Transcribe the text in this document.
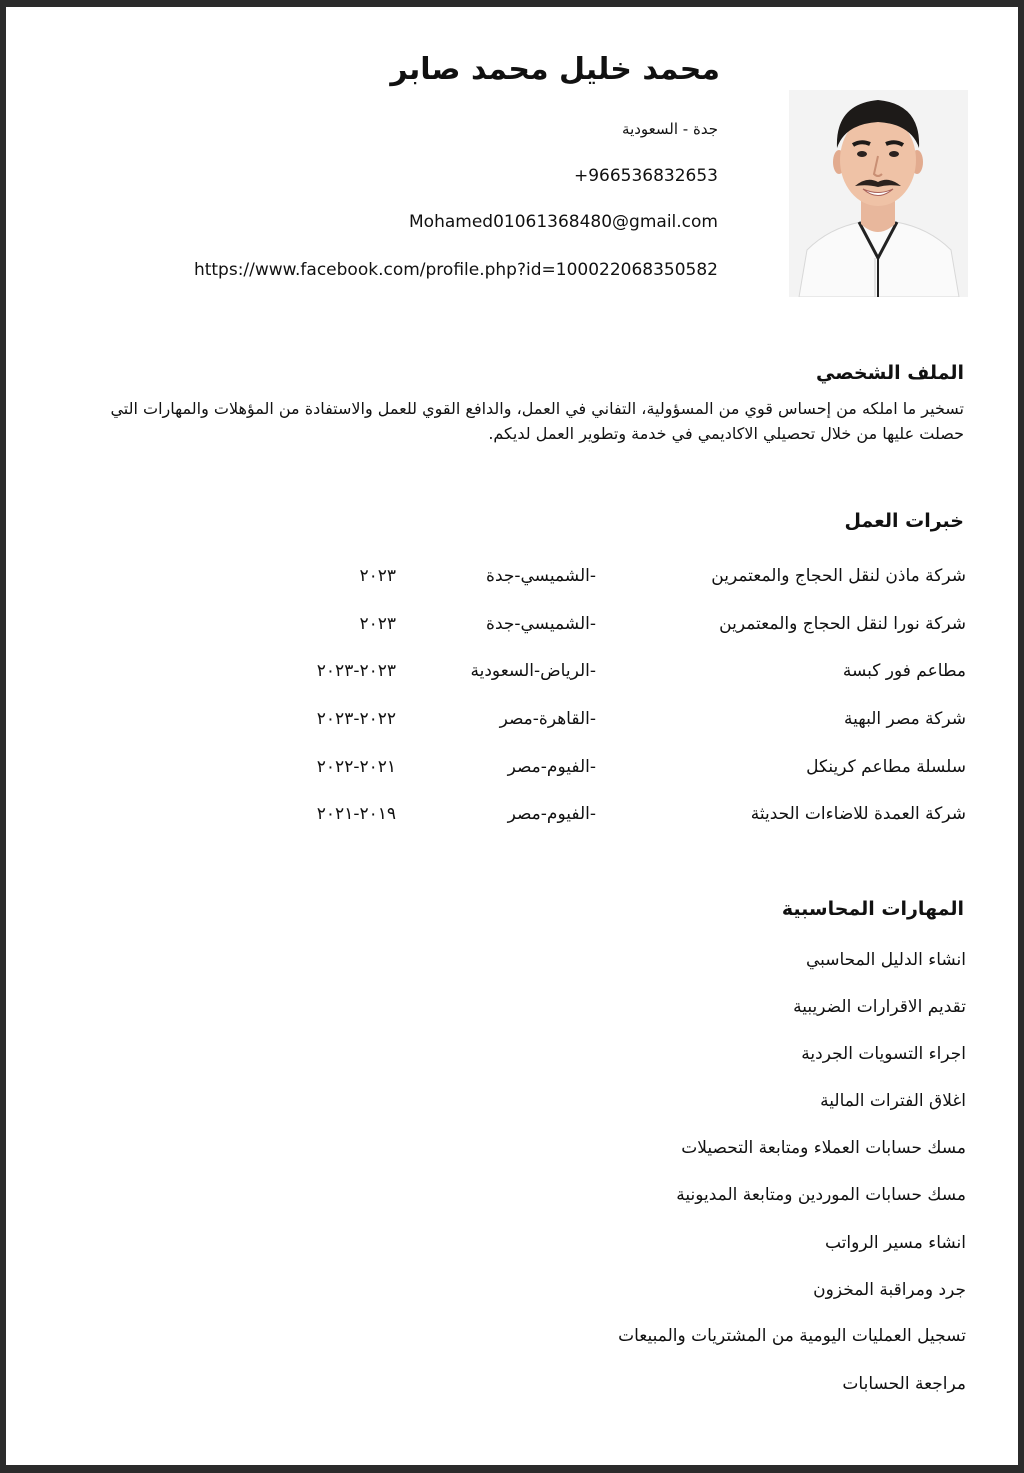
محمد خليل محمد صابر
جدة - السعودية
+966536832653
Mohamed01061368480@gmail.com
https://www.facebook.com/profile.php?id=100022068350582
الملف الشخصي
تسخير ما املكه من إحساس قوي من المسؤولية، التفاني في العمل، والدافع القوي للعمل والاستفادة من المؤهلات والمهارات التي حصلت عليها من خلال تحصيلي الاكاديمي في خدمة وتطوير العمل لديكم.
خبرات العمل
شركة ماذن لنقل الحجاج والمعتمرين
-الشميسي-جدة
٢٠٢٣
شركة نورا لنقل الحجاج والمعتمرين
-الشميسي-جدة
٢٠٢٣
مطاعم فور كبسة
-الرياض-السعودية
٢٠٢٣-٢٠٢٣
شركة مصر البهية
-القاهرة-مصر
٢٠٢٢-٢٠٢٣
سلسلة مطاعم كرينكل
-الفيوم-مصر
٢٠٢١-٢٠٢٢
شركة العمدة للاضاءات الحديثة
-الفيوم-مصر
٢٠١٩-٢٠٢١
المهارات المحاسبية
انشاء الدليل المحاسبي
تقديم الاقرارات الضريبية
اجراء التسويات الجردية
اغلاق الفترات المالية
مسك حسابات العملاء ومتابعة التحصيلات
مسك حسابات الموردين ومتابعة المديونية
انشاء مسير الرواتب
جرد ومراقبة المخزون
تسجيل العمليات اليومية من المشتريات والمبيعات
مراجعة الحسابات
